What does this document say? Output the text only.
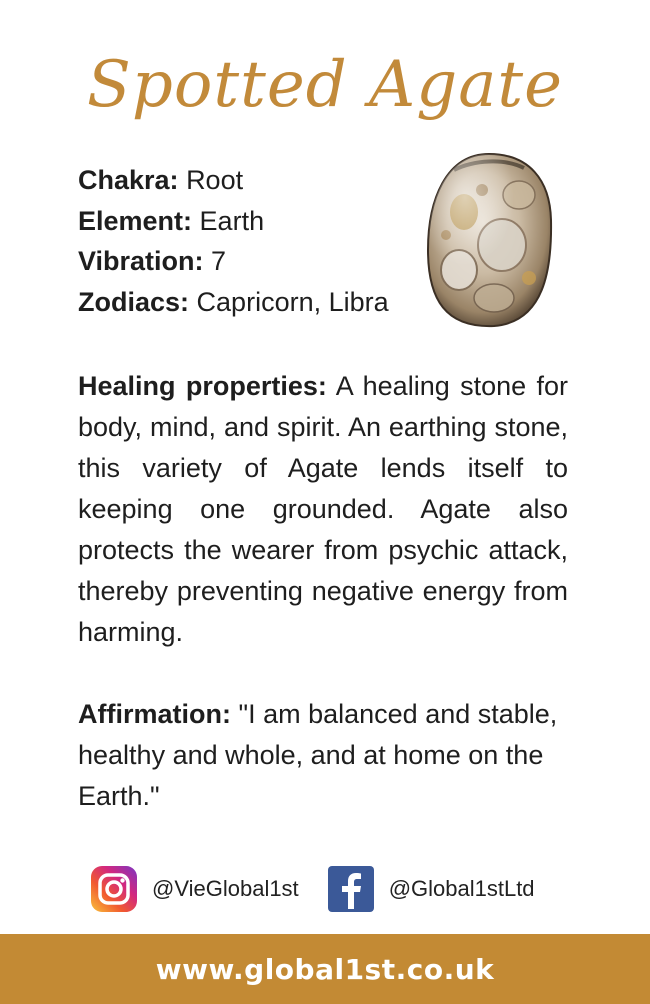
Spotted Agate
Chakra: Root
Element: Earth
Vibration: 7
Zodiacs: Capricorn, Libra
Healing properties: A healing stone for body, mind, and spirit. An earthing stone, this variety of Agate lends itself to keeping one grounded. Agate also protects the wearer from psychic attack, thereby preventing negative energy from harming.
Affirmation: "I am balanced and stable, healthy and whole, and at home on the Earth."
@VieGlobal1st	@Global1stLtd
www.global1st.co.uk
